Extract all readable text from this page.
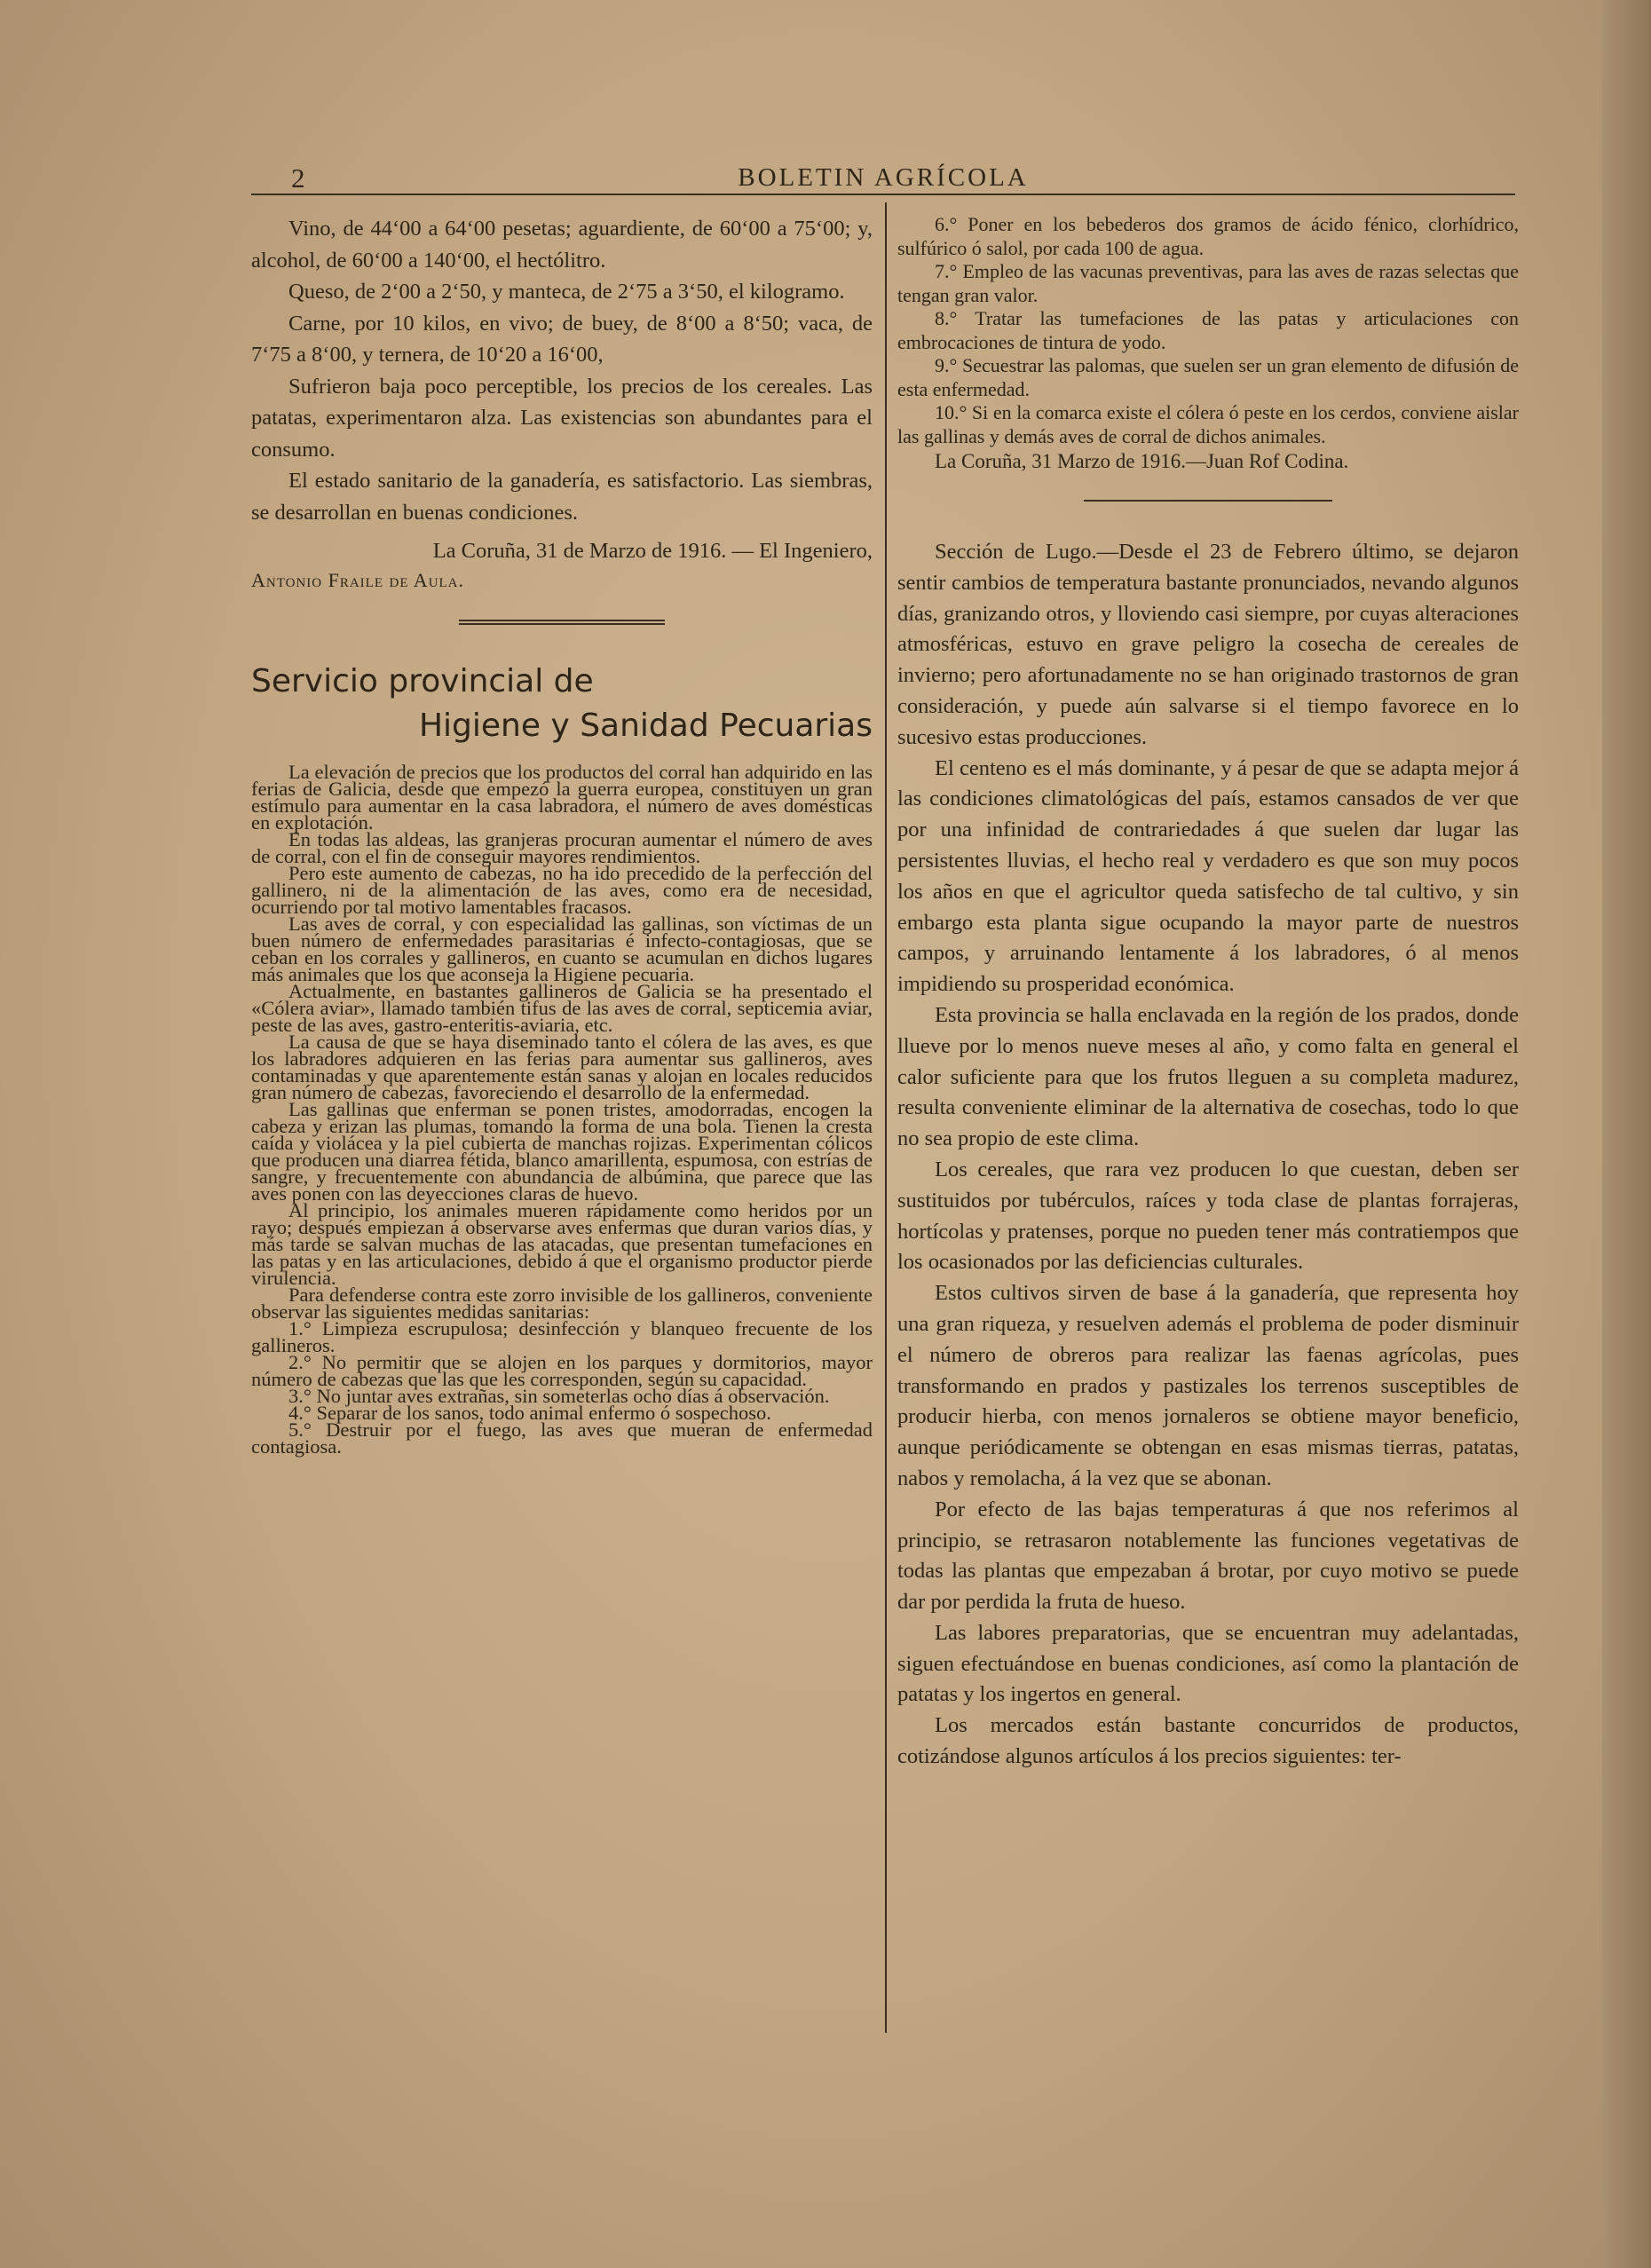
2	BOLETIN AGRÍCOLA

Vino, de 44‘00 a 64‘00 pesetas; aguardiente, de 60‘00 a 75‘00; y, alcohol, de 60‘00 a 140‘00, el hectólitro.

Queso, de 2‘00 a 2‘50, y manteca, de 2‘75 a 3‘50, el kilogramo.

Carne, por 10 kilos, en vivo; de buey, de 8‘00 a 8‘50; vaca, de 7‘75 a 8‘00, y ternera, de 10‘20 a 16‘00,

Sufrieron baja poco perceptible, los precios de los cereales. Las patatas, experimentaron alza. Las existencias son abundantes para el consumo.

El estado sanitario de la ganadería, es satisfactorio. Las siembras, se desarrollan en buenas condiciones.

La Coruña, 31 de Marzo de 1916. — El Ingeniero,

Antonio Fraile de Aula.

Servicio provincial de
Higiene y Sanidad Pecuarias

La elevación de precios que los productos del corral han adquirido en las ferias de Galicia, desde que empezó la guerra europea, constituyen un gran estímulo para aumentar en la casa labradora, el número de aves domésticas en explotación.

En todas las aldeas, las granjeras procuran aumentar el número de aves de corral, con el fin de conseguir mayores rendimientos.

Pero este aumento de cabezas, no ha ido precedido de la perfección del gallinero, ni de la alimentación de las aves, como era de necesidad, ocurriendo por tal motivo lamentables fracasos.

Las aves de corral, y con especialidad las gallinas, son víctimas de un buen número de enfermedades parasitarias é infecto-contagiosas, que se ceban en los corrales y gallineros, en cuanto se acumulan en dichos lugares más animales que los que aconseja la Higiene pecuaria.

Actualmente, en bastantes gallineros de Galicia se ha presentado el «Cólera aviar», llamado también tifus de las aves de corral, septicemia aviar, peste de las aves, gastro-enteritis-aviaria, etc.

La causa de que se haya diseminado tanto el cólera de las aves, es que los labradores adquieren en las ferias para aumentar sus gallineros, aves contaminadas y que aparentemente están sanas y alojan en locales reducidos gran número de cabezas, favoreciendo el desarrollo de la enfermedad.

Las gallinas que enferman se ponen tristes, amodorradas, encogen la cabeza y erizan las plumas, tomando la forma de una bola. Tienen la cresta caída y violácea y la piel cubierta de manchas rojizas. Experimentan cólicos que producen una diarrea fétida, blanco amarillenta, espumosa, con estrías de sangre, y frecuentemente con abundancia de albúmina, que parece que las aves ponen con las deyecciones claras de huevo.

Al principio, los animales mueren rápidamente como heridos por un rayo; después empiezan á observarse aves enfermas que duran varios días, y más tarde se salvan muchas de las atacadas, que presentan tumefaciones en las patas y en las articulaciones, debido á que el organismo productor pierde virulencia.

Para defenderse contra este zorro invisible de los gallineros, conveniente observar las siguientes medidas sanitarias:

1.° Limpieza escrupulosa; desinfección y blanqueo frecuente de los gallineros.

2.° No permitir que se alojen en los parques y dormitorios, mayor número de cabezas que las que les corresponden, según su capacidad.

3.° No juntar aves extrañas, sin someterlas ocho días á observación.

4.° Separar de los sanos, todo animal enfermo ó sospechoso.

5.° Destruir por el fuego, las aves que mueran de enfermedad contagiosa.

6.° Poner en los bebederos dos gramos de ácido fénico, clorhídrico, sulfúrico ó salol, por cada 100 de agua.

7.° Empleo de las vacunas preventivas, para las aves de razas selectas que tengan gran valor.

8.° Tratar las tumefaciones de las patas y articulaciones con embrocaciones de tintura de yodo.

9.° Secuestrar las palomas, que suelen ser un gran elemento de difusión de esta enfermedad.

10.° Si en la comarca existe el cólera ó peste en los cerdos, conviene aislar las gallinas y demás aves de corral de dichos animales.

La Coruña, 31 Marzo de 1916.—Juan Rof Codina.

Sección de Lugo.—Desde el 23 de Febrero último, se dejaron sentir cambios de temperatura bastante pronunciados, nevando algunos días, granizando otros, y lloviendo casi siempre, por cuyas alteraciones atmosféricas, estuvo en grave peligro la cosecha de cereales de invierno; pero afortunadamente no se han originado trastornos de gran consideración, y puede aún salvarse si el tiempo favorece en lo sucesivo estas producciones.

El centeno es el más dominante, y á pesar de que se adapta mejor á las condiciones climatológicas del país, estamos cansados de ver que por una infinidad de contrariedades á que suelen dar lugar las persistentes lluvias, el hecho real y verdadero es que son muy pocos los años en que el agricultor queda satisfecho de tal cultivo, y sin embargo esta planta sigue ocupando la mayor parte de nuestros campos, y arruinando lentamente á los labradores, ó al menos impidiendo su prosperidad económica.

Esta provincia se halla enclavada en la región de los prados, donde llueve por lo menos nueve meses al año, y como falta en general el calor suficiente para que los frutos lleguen a su completa madurez, resulta conveniente eliminar de la alternativa de cosechas, todo lo que no sea propio de este clima.

Los cereales, que rara vez producen lo que cuestan, deben ser sustituidos por tubérculos, raíces y toda clase de plantas forrajeras, hortícolas y pratenses, porque no pueden tener más contratiempos que los ocasionados por las deficiencias culturales.

Estos cultivos sirven de base á la ganadería, que representa hoy una gran riqueza, y resuelven además el problema de poder disminuir el número de obreros para realizar las faenas agrícolas, pues transformando en prados y pastizales los terrenos susceptibles de producir hierba, con menos jornaleros se obtiene mayor beneficio, aunque periódicamente se obtengan en esas mismas tierras, patatas, nabos y remolacha, á la vez que se abonan.

Por efecto de las bajas temperaturas á que nos referimos al principio, se retrasaron notablemente las funciones vegetativas de todas las plantas que empezaban á brotar, por cuyo motivo se puede dar por perdida la fruta de hueso.

Las labores preparatorias, que se encuentran muy adelantadas, siguen efectuándose en buenas condiciones, así como la plantación de patatas y los ingertos en general.

Los mercados están bastante concurridos de productos, cotizándose algunos artículos á los precios siguientes: ter-
